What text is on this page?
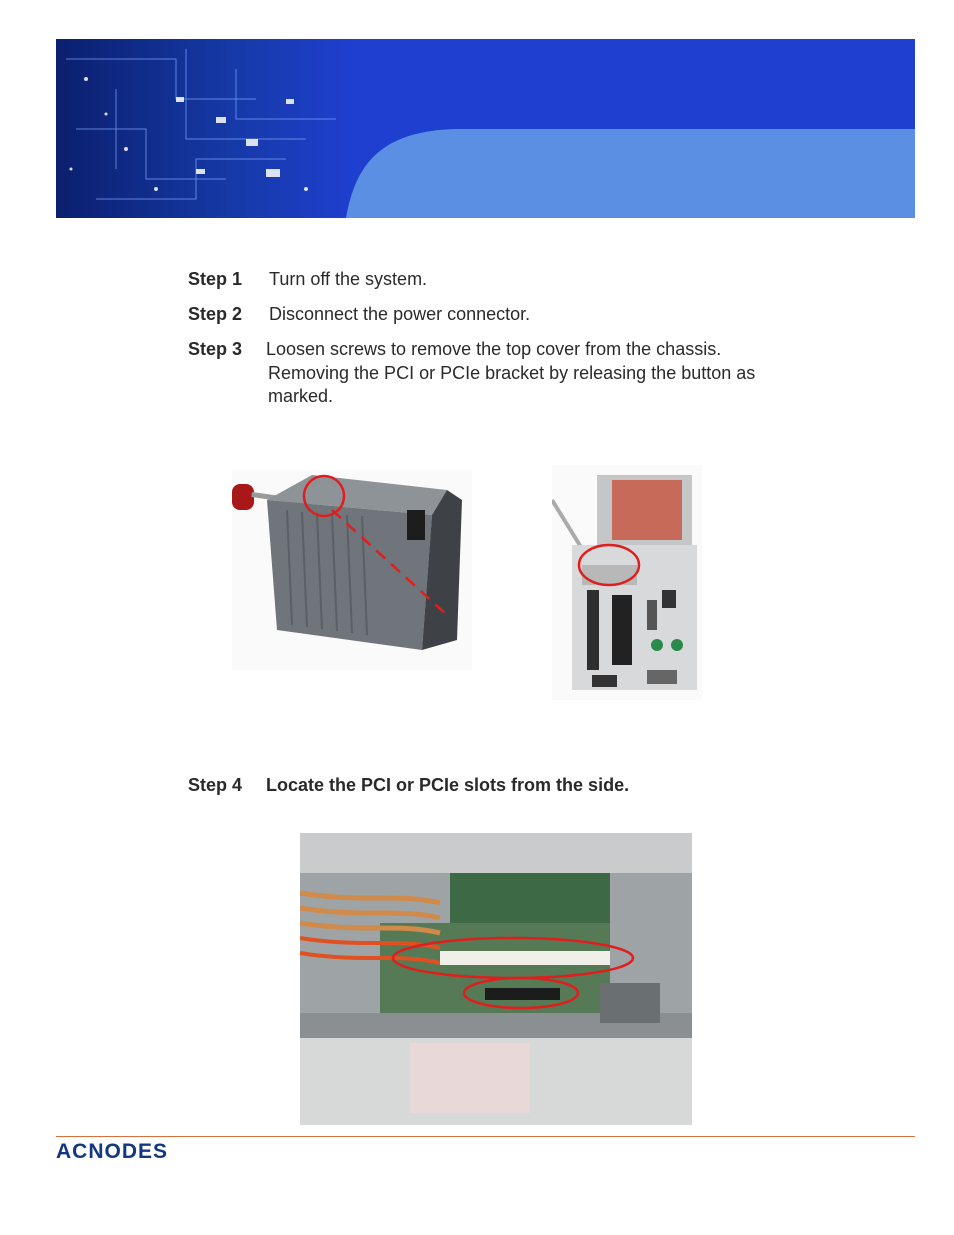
Step 1 Turn off the system.
Step 2 Disconnect the power connector.
Step 3 Loosen screws to remove the top cover from the chassis.
Removing the PCI or PCIe bracket by releasing the button as
marked.
Step 4 Locate the PCI or PCIe slots from the side.
ACNODES
